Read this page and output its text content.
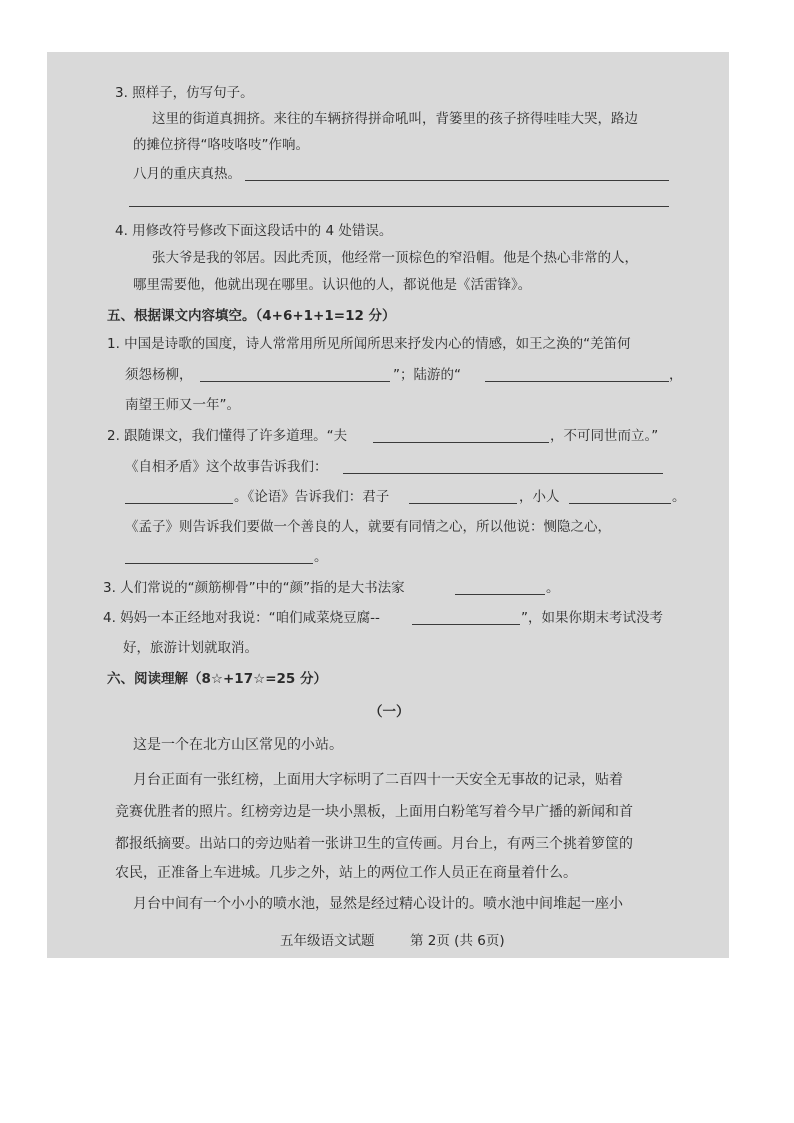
3. 照样子，仿写句子。
这里的街道真拥挤。来往的车辆挤得拼命吼叫，背篓里的孩子挤得哇哇大哭，路边
的摊位挤得“咯吱咯吱”作响。
八月的重庆真热。
4. 用修改符号修改下面这段话中的 4 处错误。
张大爷是我的邻居。因此秃顶，他经常一顶棕色的窄沿帽。他是个热心非常的人，
哪里需要他，他就出现在哪里。认识他的人，都说他是《活雷锋》。
五、根据课文内容填空。（4+6+1+1=12 分）
1. 中国是诗歌的国度，诗人常常用所见所闻所思来抒发内心的情感，如王之涣的“羌笛何
须怨杨柳，	”；陆游的“	，
南望王师又一年”。
2. 跟随课文，我们懂得了许多道理。“夫	，不可同世而立。”
《自相矛盾》这个故事告诉我们：
。《论语》告诉我们：君子	，小人	。
《孟子》则告诉我们要做一个善良的人，就要有同情之心，所以他说：恻隐之心，
。
3. 人们常说的“颜筋柳骨”中的“颜”指的是大书法家	。
4. 妈妈一本正经地对我说：“咱们咸菜烧豆腐--	”，如果你期末考试没考
好，旅游计划就取消。
六、阅读理解（8☆+17☆=25 分）
（一）
这是一个在北方山区常见的小站。
月台正面有一张红榜，上面用大字标明了二百四十一天安全无事故的记录，贴着
竞赛优胜者的照片。红榜旁边是一块小黑板，上面用白粉笔写着今早广播的新闻和首
都报纸摘要。出站口的旁边贴着一张讲卫生的宣传画。月台上，有两三个挑着箩筐的
农民，正准备上车进城。几步之外，站上的两位工作人员正在商量着什么。
月台中间有一个小小的喷水池，显然是经过精心设计的。喷水池中间堆起一座小
五年级语文试题	第 2页 (共 6页)
